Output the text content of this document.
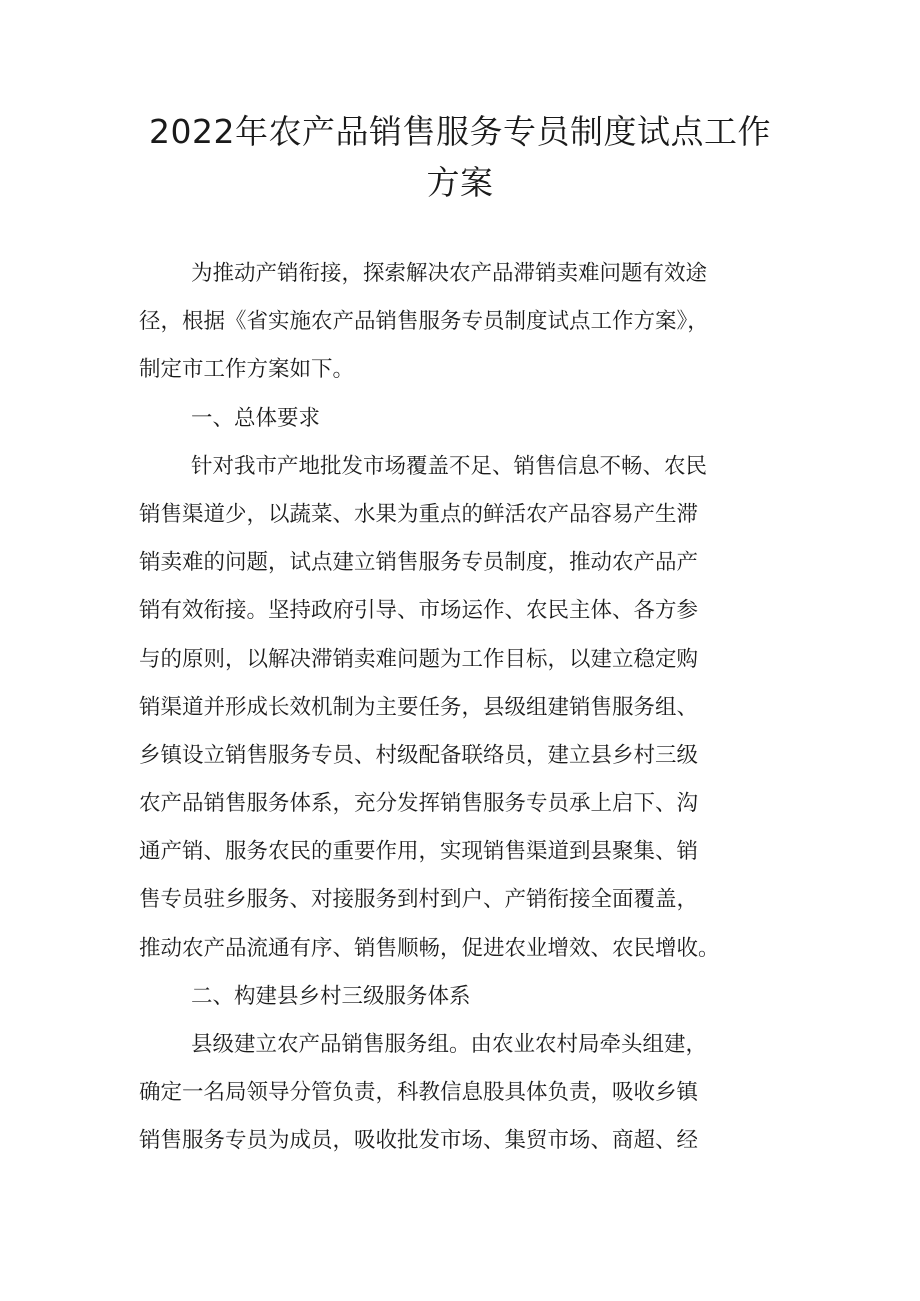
2022年农产品销售服务专员制度试点工作
方案
为推动产销衔接，探索解决农产品滞销卖难问题有效途
径，根据《省实施农产品销售服务专员制度试点工作方案》，
制定市工作方案如下。
一、总体要求
针对我市产地批发市场覆盖不足、销售信息不畅、农民
销售渠道少，以蔬菜、水果为重点的鲜活农产品容易产生滞
销卖难的问题，试点建立销售服务专员制度，推动农产品产
销有效衔接。坚持政府引导、市场运作、农民主体、各方参
与的原则，以解决滞销卖难问题为工作目标，以建立稳定购
销渠道并形成长效机制为主要任务，县级组建销售服务组、
乡镇设立销售服务专员、村级配备联络员，建立县乡村三级
农产品销售服务体系，充分发挥销售服务专员承上启下、沟
通产销、服务农民的重要作用，实现销售渠道到县聚集、销
售专员驻乡服务、对接服务到村到户、产销衔接全面覆盖，
推动农产品流通有序、销售顺畅，促进农业增效、农民增收。
二、构建县乡村三级服务体系
县级建立农产品销售服务组。由农业农村局牵头组建，
确定一名局领导分管负责，科教信息股具体负责，吸收乡镇
销售服务专员为成员，吸收批发市场、集贸市场、商超、经
